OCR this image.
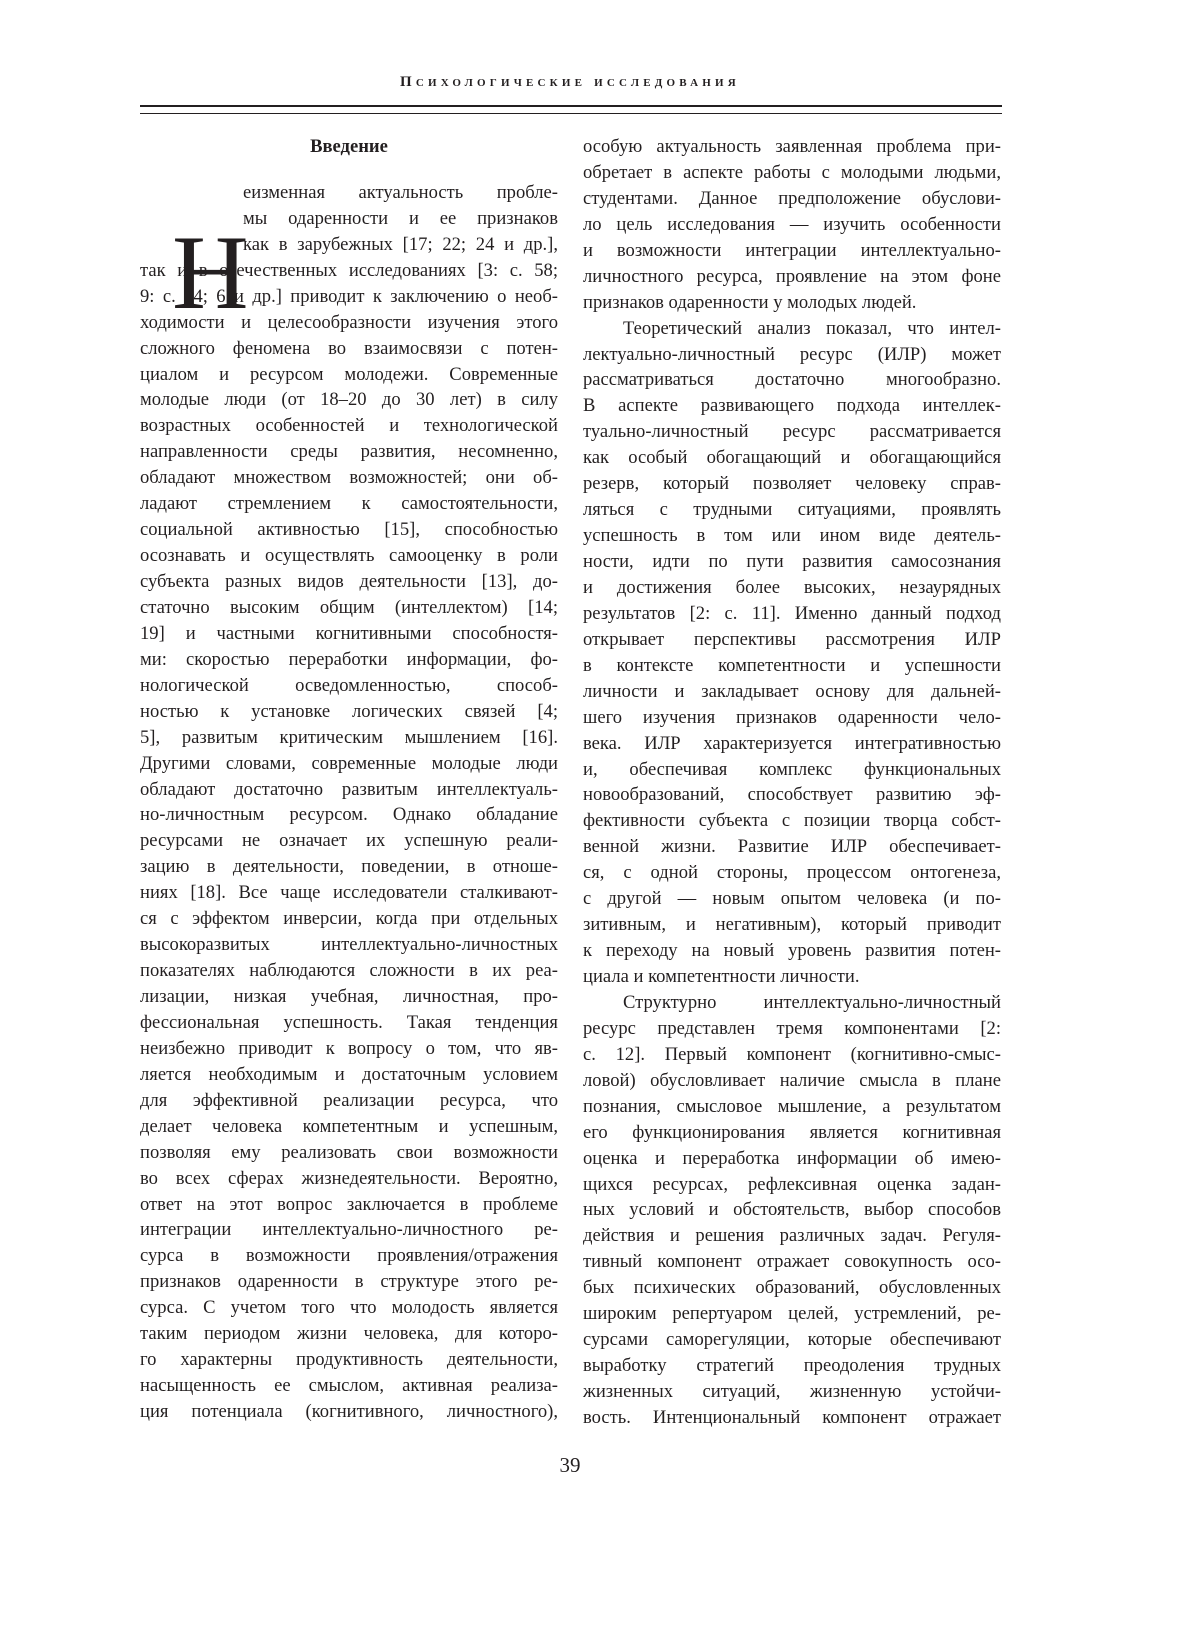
Психологические исследования
Введение
Н
еизменная актуальность пробле-
мы одаренности и ее признаков
как в зарубежных [17; 22; 24 и др.],
так и в отечественных исследованиях [3: с. 58;
9: с. 24; 6 и др.] приводит к заключению о необ-
ходимости и целесообразности изучения этого
сложного феномена во взаимосвязи с потен-
циалом и ресурсом молодежи. Современные
молодые люди (от 18–20 до 30 лет) в силу
возрастных особенностей и технологической
направленности среды развития, несомненно,
обладают множеством возможностей; они об-
ладают стремлением к самостоятельности,
социальной активностью [15], способностью
осознавать и осуществлять самооценку в роли
субъекта разных видов деятельности [13], до-
статочно высоким общим (интеллектом) [14;
19] и частными когнитивными способностя-
ми: скоростью переработки информации, фо-
нологической осведомленностью, способ-
ностью к установке логических связей [4;
5], развитым критическим мышлением [16].
Другими словами, современные молодые люди
обладают достаточно развитым интеллектуаль-
но-личностным ресурсом. Однако обладание
ресурсами не означает их успешную реали-
зацию в деятельности, поведении, в отноше-
ниях [18]. Все чаще исследователи сталкивают-
ся с эффектом инверсии, когда при отдельных
высокоразвитых интеллектуально-личностных
показателях наблюдаются сложности в их реа-
лизации, низкая учебная, личностная, про-
фессиональная успешность. Такая тенденция
неизбежно приводит к вопросу о том, что яв-
ляется необходимым и достаточным условием
для эффективной реализации ресурса, что
делает человека компетентным и успешным,
позволяя ему реализовать свои возможности
во всех сферах жизнедеятельности. Вероятно,
ответ на этот вопрос заключается в проблеме
интеграции интеллектуально-личностного ре-
сурса в возможности проявления/отражения
признаков одаренности в структуре этого ре-
сурса. С учетом того что молодость является
таким периодом жизни человека, для которо-
го характерны продуктивность деятельности,
насыщенность ее смыслом, активная реализа-
ция потенциала (когнитивного, личностного),
особую актуальность заявленная проблема при-
обретает в аспекте работы с молодыми людьми,
студентами. Данное предположение обуслови-
ло цель исследования — изучить особенности
и возможности интеграции интеллектуально-
личностного ресурса, проявление на этом фоне
признаков одаренности у молодых людей.
Теоретический анализ показал, что интел-
лектуально-личностный ресурс (ИЛР) может
рассматриваться достаточно многообразно.
В аспекте развивающего подхода интеллек-
туально-личностный ресурс рассматривается
как особый обогащающий и обогащающийся
резерв, который позволяет человеку справ-
ляться с трудными ситуациями, проявлять
успешность в том или ином виде деятель-
ности, идти по пути развития самосознания
и достижения более высоких, незаурядных
результатов [2: с. 11]. Именно данный подход
открывает перспективы рассмотрения ИЛР
в контексте компетентности и успешности
личности и закладывает основу для дальней-
шего изучения признаков одаренности чело-
века. ИЛР характеризуется интегративностью
и, обеспечивая комплекс функциональных
новообразований, способствует развитию эф-
фективности субъекта с позиции творца собст-
венной жизни. Развитие ИЛР обеспечивает-
ся, с одной стороны, процессом онтогенеза,
с другой — новым опытом человека (и по-
зитивным, и негативным), который приводит
к переходу на новый уровень развития потен-
циала и компетентности личности.
Структурно интеллектуально-личностный
ресурс представлен тремя компонентами [2:
с. 12]. Первый компонент (когнитивно-смыс-
ловой) обусловливает наличие смысла в плане
познания, смысловое мышление, а результатом
его функционирования является когнитивная
оценка и переработка информации об имею-
щихся ресурсах, рефлексивная оценка задан-
ных условий и обстоятельств, выбор способов
действия и решения различных задач. Регуля-
тивный компонент отражает совокупность осо-
бых психических образований, обусловленных
широким репертуаром целей, устремлений, ре-
сурсами саморегуляции, которые обеспечивают
выработку стратегий преодоления трудных
жизненных ситуаций, жизненную устойчи-
вость. Интенциональный компонент отражает
39
